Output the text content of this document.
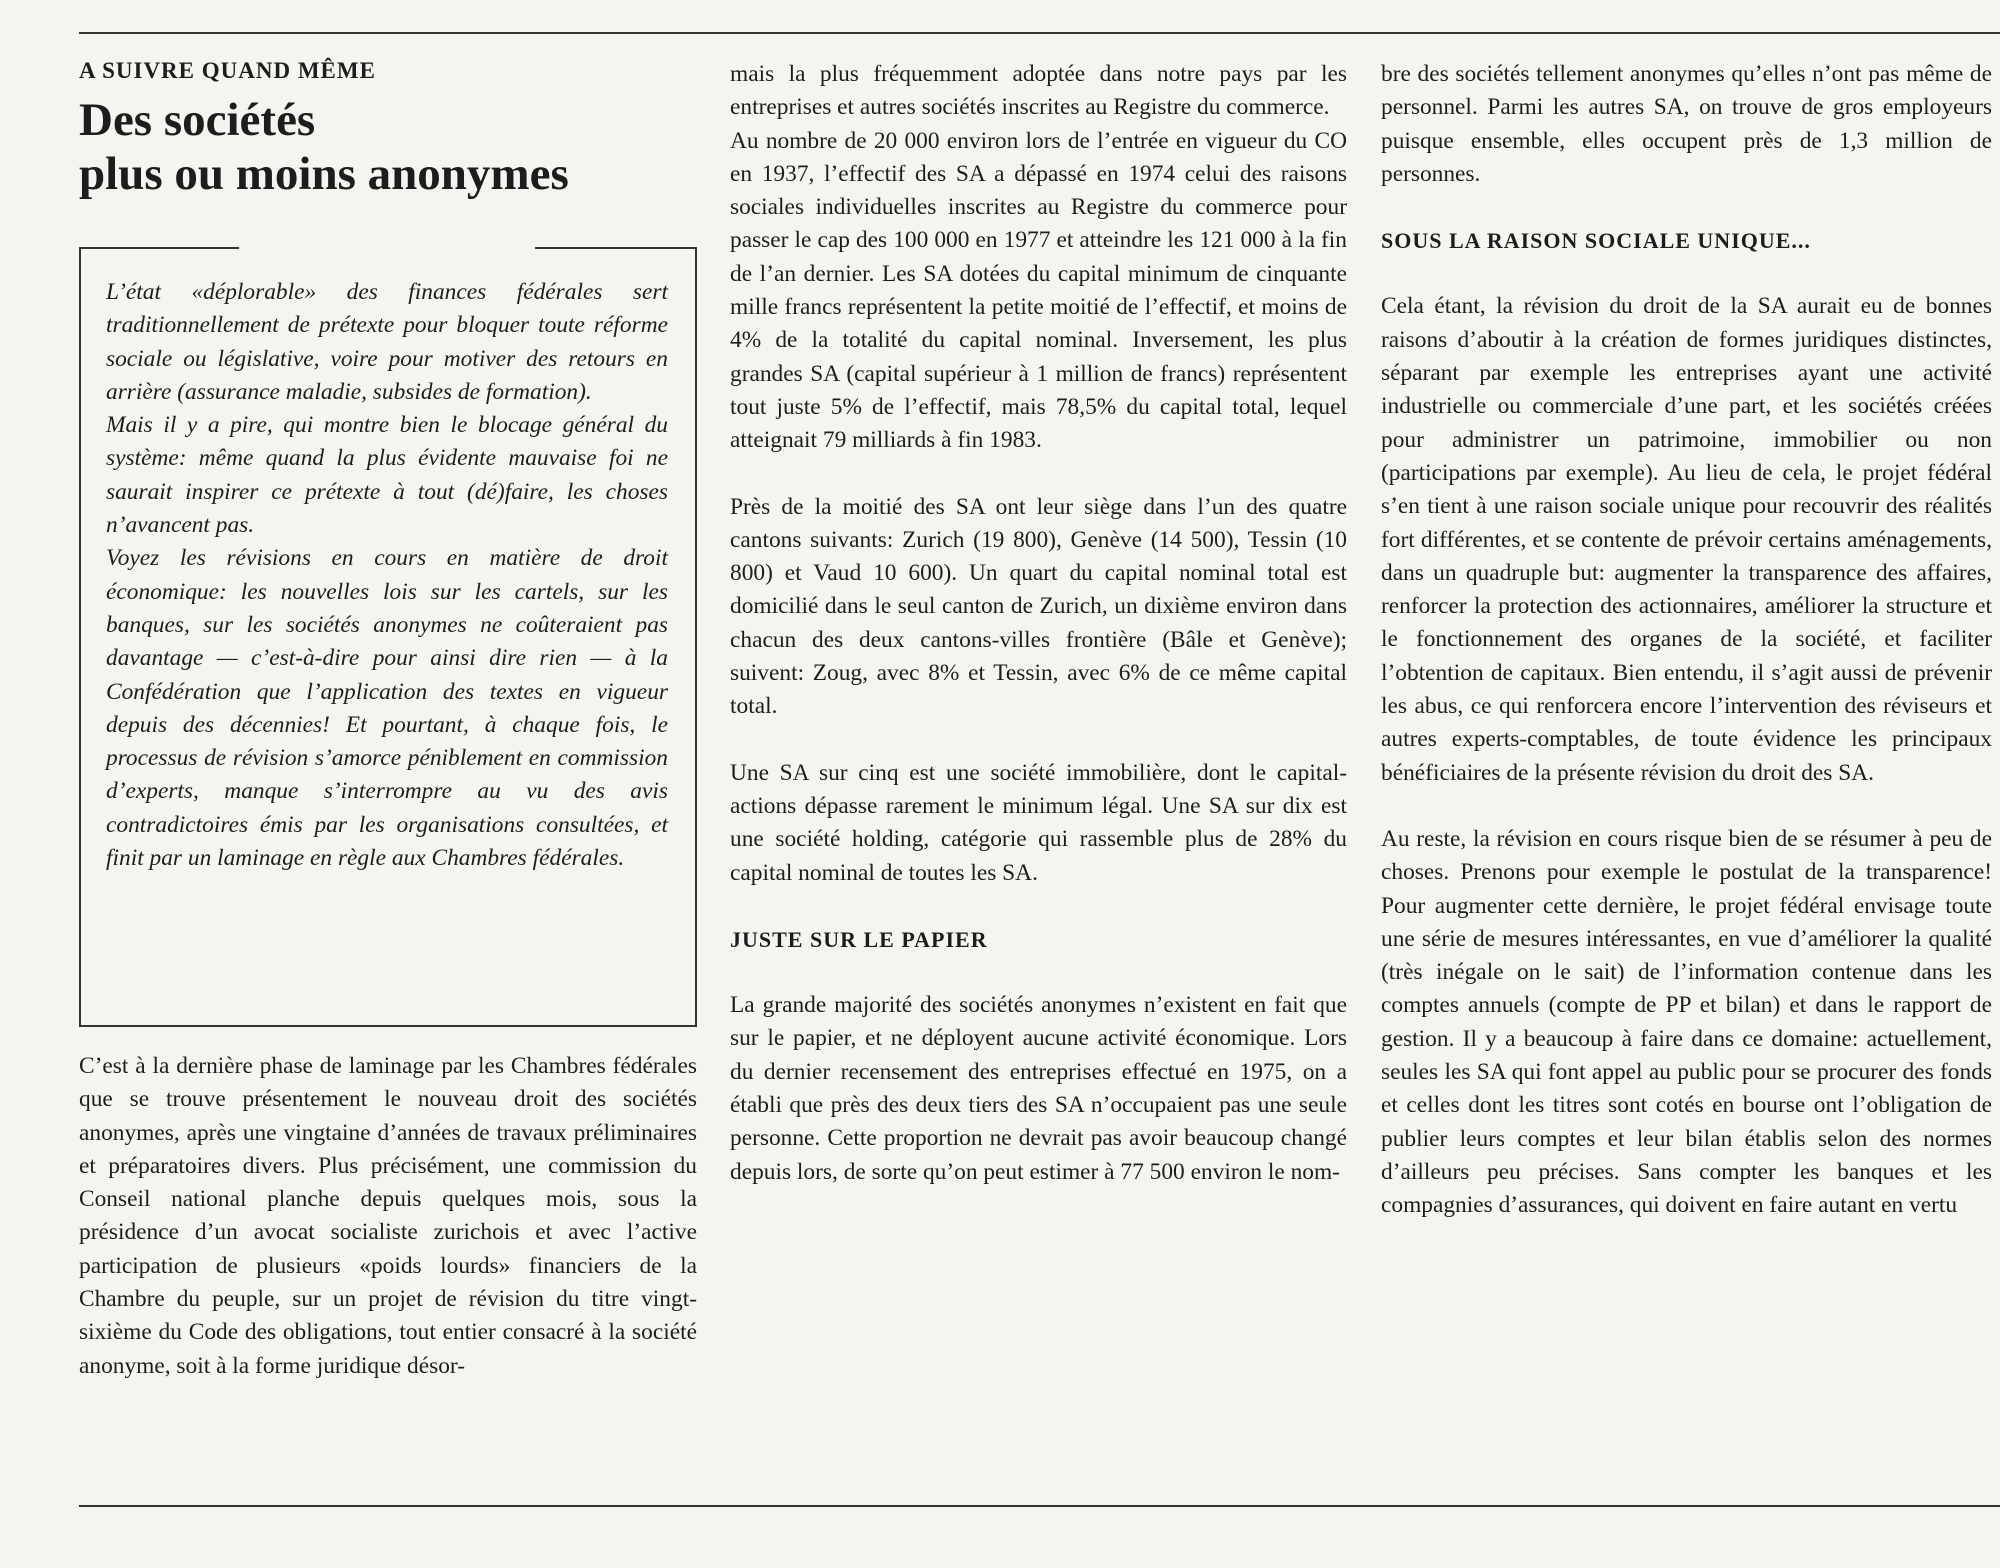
A SUIVRE QUAND MÊME
Des sociétés
plus ou moins anonymes

L’état «déplorable» des finances fédérales sert traditionnellement de prétexte pour bloquer toute réforme sociale ou législative, voire pour motiver des retours en arrière (assurance maladie, subsides de formation).

Mais il y a pire, qui montre bien le blocage général du système: même quand la plus évidente mauvaise foi ne saurait inspirer ce prétexte à tout (dé)faire, les choses n’avancent pas.

Voyez les révisions en cours en matière de droit économique: les nouvelles lois sur les cartels, sur les banques, sur les sociétés anonymes ne coûteraient pas davantage — c’est-à-dire pour ainsi dire rien — à la Confédération que l’application des textes en vigueur depuis des décennies! Et pourtant, à chaque fois, le processus de révision s’amorce péniblement en commission d’experts, manque s’interrompre au vu des avis contradictoires émis par les organisations consultées, et finit par un laminage en règle aux Chambres fédérales.

C’est à la dernière phase de laminage par les Chambres fédérales que se trouve présentement le nouveau droit des sociétés anonymes, après une vingtaine d’années de travaux préliminaires et préparatoires divers. Plus précisément, une commission du Conseil national planche depuis quelques mois, sous la présidence d’un avocat socialiste zurichois et avec l’active participation de plusieurs «poids lourds» financiers de la Chambre du peuple, sur un projet de révision du titre vingt-sixième du Code des obligations, tout entier consacré à la société anonyme, soit à la forme juridique désor-

mais la plus fréquemment adoptée dans notre pays par les entreprises et autres sociétés inscrites au Registre du commerce.

Au nombre de 20 000 environ lors de l’entrée en vigueur du CO en 1937, l’effectif des SA a dépassé en 1974 celui des raisons sociales individuelles inscrites au Registre du commerce pour passer le cap des 100 000 en 1977 et atteindre les 121 000 à la fin de l’an dernier. Les SA dotées du capital minimum de cinquante mille francs représentent la petite moitié de l’effectif, et moins de 4% de la totalité du capital nominal. Inversement, les plus grandes SA (capital supérieur à 1 million de francs) représentent tout juste 5% de l’effectif, mais 78,5% du capital total, lequel atteignait 79 milliards à fin 1983.

Près de la moitié des SA ont leur siège dans l’un des quatre cantons suivants: Zurich (19 800), Genève (14 500), Tessin (10 800) et Vaud 10 600). Un quart du capital nominal total est domicilié dans le seul canton de Zurich, un dixième environ dans chacun des deux cantons-villes frontière (Bâle et Genève); suivent: Zoug, avec 8% et Tessin, avec 6% de ce même capital total.

Une SA sur cinq est une société immobilière, dont le capital-actions dépasse rarement le minimum légal. Une SA sur dix est une société holding, catégorie qui rassemble plus de 28% du capital nominal de toutes les SA.

JUSTE SUR LE PAPIER

La grande majorité des sociétés anonymes n’existent en fait que sur le papier, et ne déployent aucune activité économique. Lors du dernier recensement des entreprises effectué en 1975, on a établi que près des deux tiers des SA n’occupaient pas une seule personne. Cette proportion ne devrait pas avoir beaucoup changé depuis lors, de sorte qu’on peut estimer à 77 500 environ le nom-

bre des sociétés tellement anonymes qu’elles n’ont pas même de personnel. Parmi les autres SA, on trouve de gros employeurs puisque ensemble, elles occupent près de 1,3 million de personnes.

SOUS LA RAISON SOCIALE UNIQUE...

Cela étant, la révision du droit de la SA aurait eu de bonnes raisons d’aboutir à la création de formes juridiques distinctes, séparant par exemple les entreprises ayant une activité industrielle ou commerciale d’une part, et les sociétés créées pour administrer un patrimoine, immobilier ou non (participations par exemple). Au lieu de cela, le projet fédéral s’en tient à une raison sociale unique pour recouvrir des réalités fort différentes, et se contente de prévoir certains aménagements, dans un quadruple but: augmenter la transparence des affaires, renforcer la protection des actionnaires, améliorer la structure et le fonctionnement des organes de la société, et faciliter l’obtention de capitaux. Bien entendu, il s’agit aussi de prévenir les abus, ce qui renforcera encore l’intervention des réviseurs et autres experts-comptables, de toute évidence les principaux bénéficiaires de la présente révision du droit des SA.

Au reste, la révision en cours risque bien de se résumer à peu de choses. Prenons pour exemple le postulat de la transparence! Pour augmenter cette dernière, le projet fédéral envisage toute une série de mesures intéressantes, en vue d’améliorer la qualité (très inégale on le sait) de l’information contenue dans les comptes annuels (compte de PP et bilan) et dans le rapport de gestion. Il y a beaucoup à faire dans ce domaine: actuellement, seules les SA qui font appel au public pour se procurer des fonds et celles dont les titres sont cotés en bourse ont l’obligation de publier leurs comptes et leur bilan établis selon des normes d’ailleurs peu précises. Sans compter les banques et les compagnies d’assurances, qui doivent en faire autant en vertu
